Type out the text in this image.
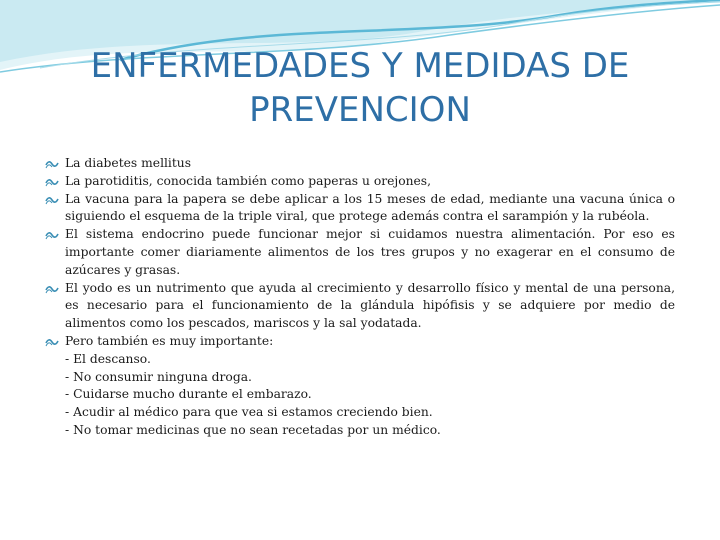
ENFERMEDADES Y MEDIDAS DE PREVENCION
La diabetes mellitus
La parotiditis, conocida también como paperas u orejones,
La vacuna para la papera se debe aplicar a los 15 meses de edad, mediante una vacuna única o siguiendo el esquema de la triple viral, que protege además contra el sarampión y la rubéola.
El sistema endocrino puede funcionar mejor si cuidamos nuestra alimentación. Por eso es importante comer diariamente alimentos de los tres grupos y no exagerar en el consumo de azúcares y grasas.
El yodo es un nutrimento que ayuda al crecimiento y desarrollo físico y mental de una persona, es necesario para el funcionamiento de la glándula hipófisis y se adquiere por medio de alimentos como los pescados, mariscos y la sal yodatada.
Pero también es muy importante:
- El descanso.
- No consumir ninguna droga.
- Cuidarse mucho durante el embarazo.
- Acudir al médico para que vea si estamos creciendo bien.
- No tomar medicinas que no sean recetadas por un médico.
